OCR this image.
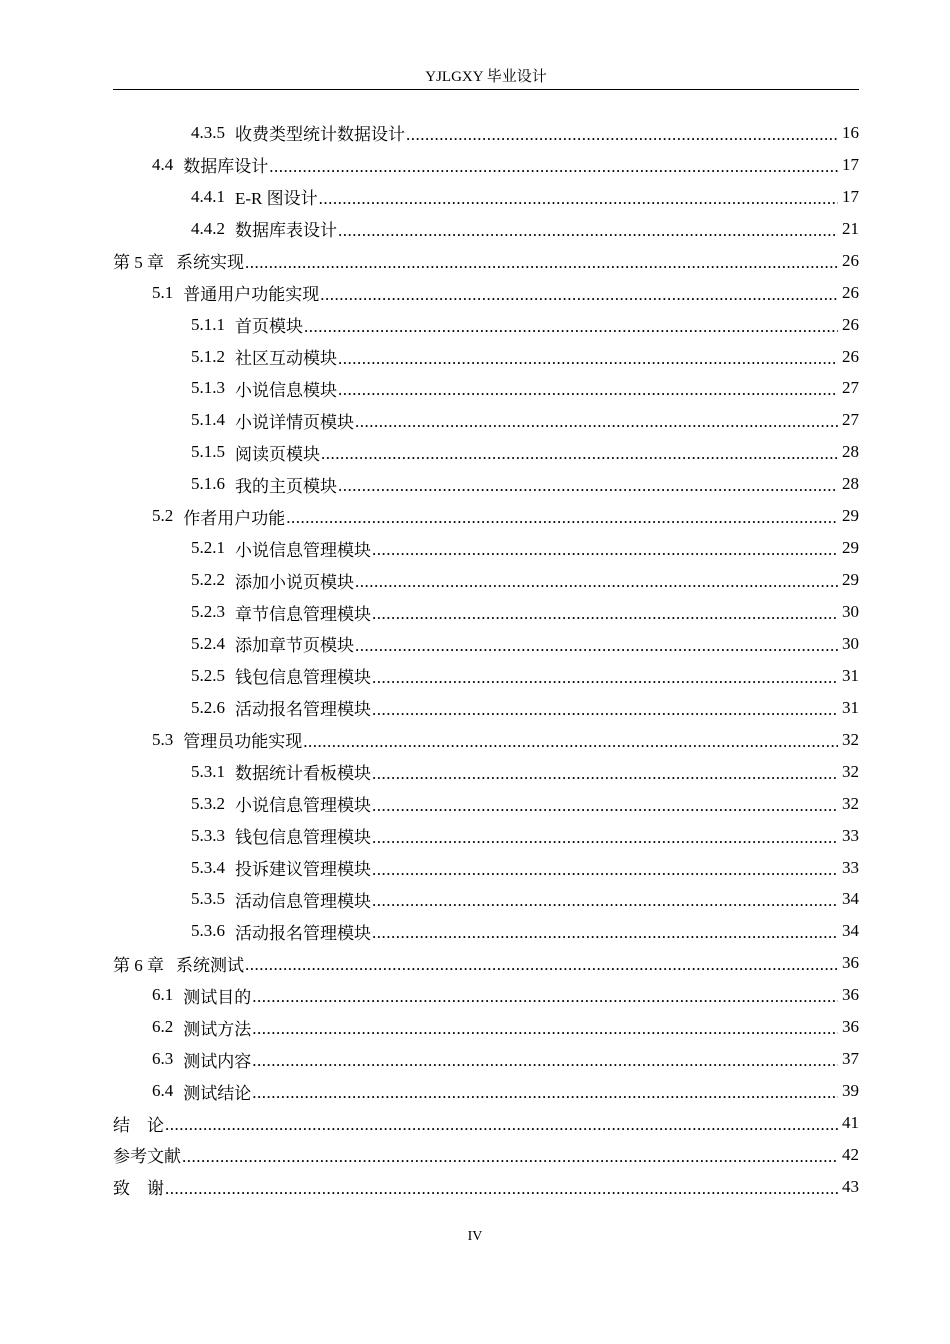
YJLGXY 毕业设计
4.3.5 收费类型统计数据设计 .....	16
4.4 数据库设计 .....	17
4.4.1 E-R 图设计 .....	17
4.4.2 数据库表设计 .....	21
第 5 章 系统实现 .....	26
5.1 普通用户功能实现 .....	26
5.1.1 首页模块 .....	26
5.1.2 社区互动模块 .....	26
5.1.3 小说信息模块 .....	27
5.1.4 小说详情页模块 .....	27
5.1.5 阅读页模块 .....	28
5.1.6 我的主页模块 .....	28
5.2 作者用户功能 .....	29
5.2.1 小说信息管理模块 .....	29
5.2.2 添加小说页模块 .....	29
5.2.3 章节信息管理模块 .....	30
5.2.4 添加章节页模块 .....	30
5.2.5 钱包信息管理模块 .....	31
5.2.6 活动报名管理模块 .....	31
5.3 管理员功能实现 .....	32
5.3.1 数据统计看板模块 .....	32
5.3.2 小说信息管理模块 .....	32
5.3.3 钱包信息管理模块 .....	33
5.3.4 投诉建议管理模块 .....	33
5.3.5 活动信息管理模块 .....	34
5.3.6 活动报名管理模块 .....	34
第 6 章 系统测试 .....	36
6.1 测试目的 .....	36
6.2 测试方法 .....	36
6.3 测试内容 .....	37
6.4 测试结论 .....	39
结　论 .....	41
参考文献 .....	42
致　谢 .....	43
IV
